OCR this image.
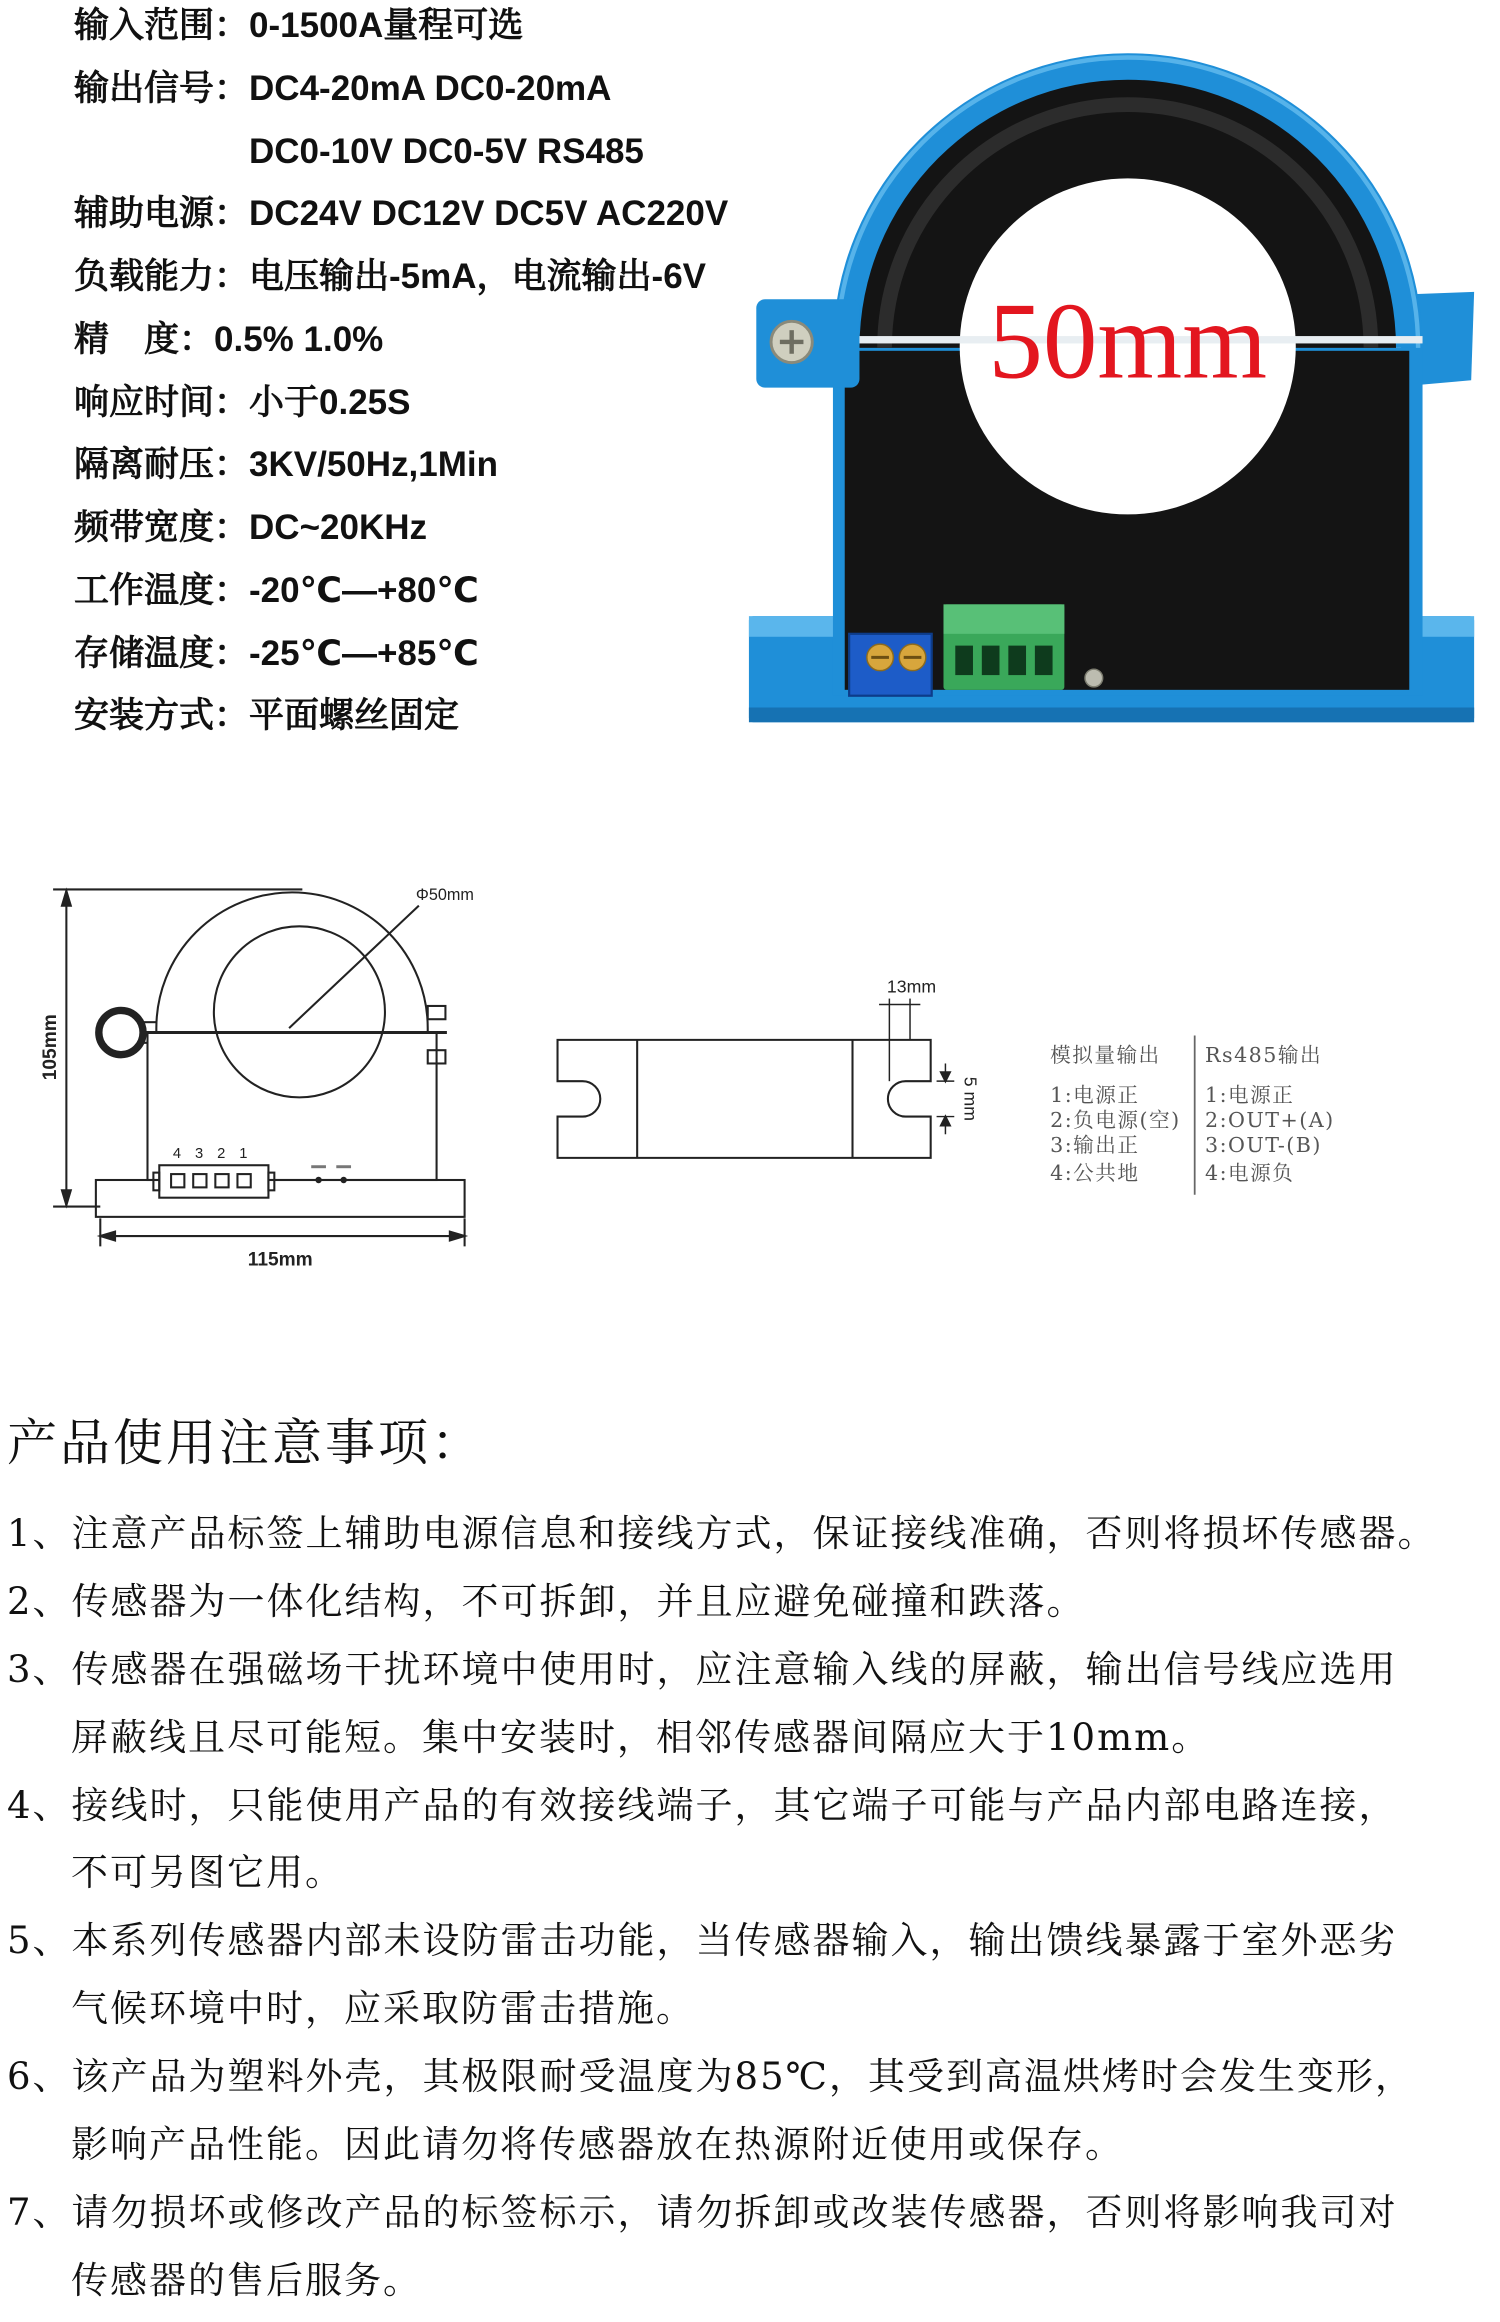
输入范围：0-1500A量程可选
输出信号：DC4-20mA DC0-20mA
DC0-10V DC0-5V RS485
辅助电源：DC24V DC12V DC5V AC220V
负载能力：电压输出-5mA，电流输出-6V
精　度：0.5% 1.0%
响应时间：小于0.25S
隔离耐压：3KV/50Hz,1Min
频带宽度：DC~20KHz
工作温度：-20℃—+80℃
存储温度：-25℃—+85℃
安装方式：平面螺丝固定
50mm
105mm
115mm
Φ50mm
4 3 2 1
13mm
5 mm
模拟量输出	Rs485输出
1:电源正
2:负电源(空)
3:输出正
4:公共地
1:电源正
2:OUT+(A)
3:OUT-(B)
4:电源负
产品使用注意事项：
1、注意产品标签上辅助电源信息和接线方式，保证接线准确，否则将损坏传感器。
2、传感器为一体化结构，不可拆卸，并且应避免碰撞和跌落。
3、传感器在强磁场干扰环境中使用时，应注意输入线的屏蔽，输出信号线应选用
屏蔽线且尽可能短。集中安装时，相邻传感器间隔应大于10mm。
4、接线时，只能使用产品的有效接线端子，其它端子可能与产品内部电路连接，
不可另图它用。
5、本系列传感器内部未设防雷击功能，当传感器输入，输出馈线暴露于室外恶劣
气候环境中时，应采取防雷击措施。
6、该产品为塑料外壳，其极限耐受温度为85℃，其受到高温烘烤时会发生变形，
影响产品性能。因此请勿将传感器放在热源附近使用或保存。
7、请勿损坏或修改产品的标签标示，请勿拆卸或改装传感器，否则将影响我司对
传感器的售后服务。
